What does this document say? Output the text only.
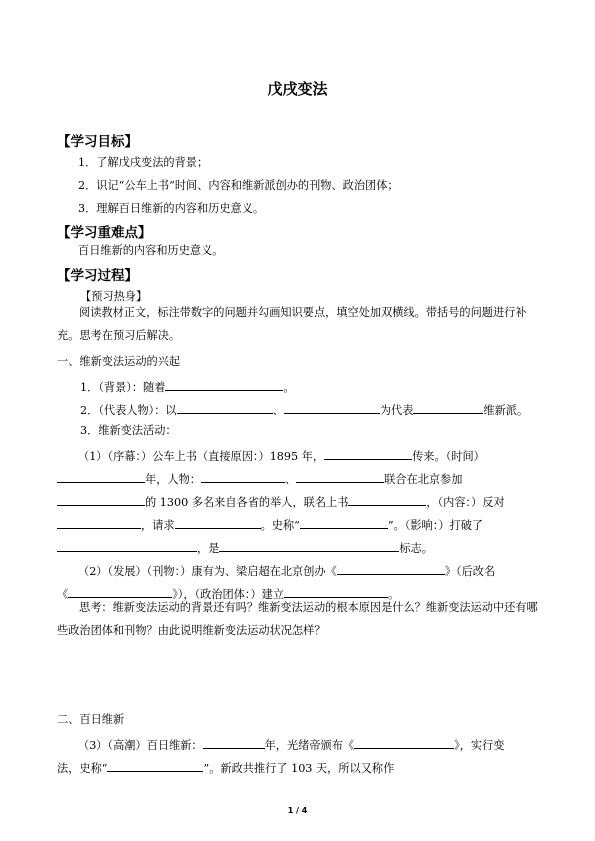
戊戌变法
【学习目标】
1．了解戊戌变法的背景；
2．识记“公车上书”时间、内容和维新派创办的刊物、政治团体；
3．理解百日维新的内容和历史意义。
【学习重难点】
百日维新的内容和历史意义。
【学习过程】
【预习热身】
阅读教材正文，标注带数字的问题并勾画知识要点，填空处加双横线。带括号的问题进行补充。思考在预习后解决。
一、维新变法运动的兴起
1．（背景）：随着	。
2．（代表人物）：以	、	为代表	维新派。
3．维新变法活动：
（1）（序幕：）公车上书（直接原因：）1895 年，	传来。（时间）
年，人物：	、	联合在北京参加
的 1300 多名来自各省的举人，联名上书	，（内容：）反对
，请求	。史称“	”。（影响：）打破了
，是	标志。
（2）（发展）（刊物：）康有为、梁启超在北京创办《	》（后改名
《	》），（政治团体：）建立	。
思考：维新变法运动的背景还有吗？维新变法运动的根本原因是什么？维新变法运动中还有哪些政治团体和刊物？由此说明维新变法运动状况怎样？
二、百日维新
（3）（高潮）百日维新：	年，光绪帝颁布《	》，实行变
法，史称“	”。新政共推行了 103 天，所以又称作
1 / 4
